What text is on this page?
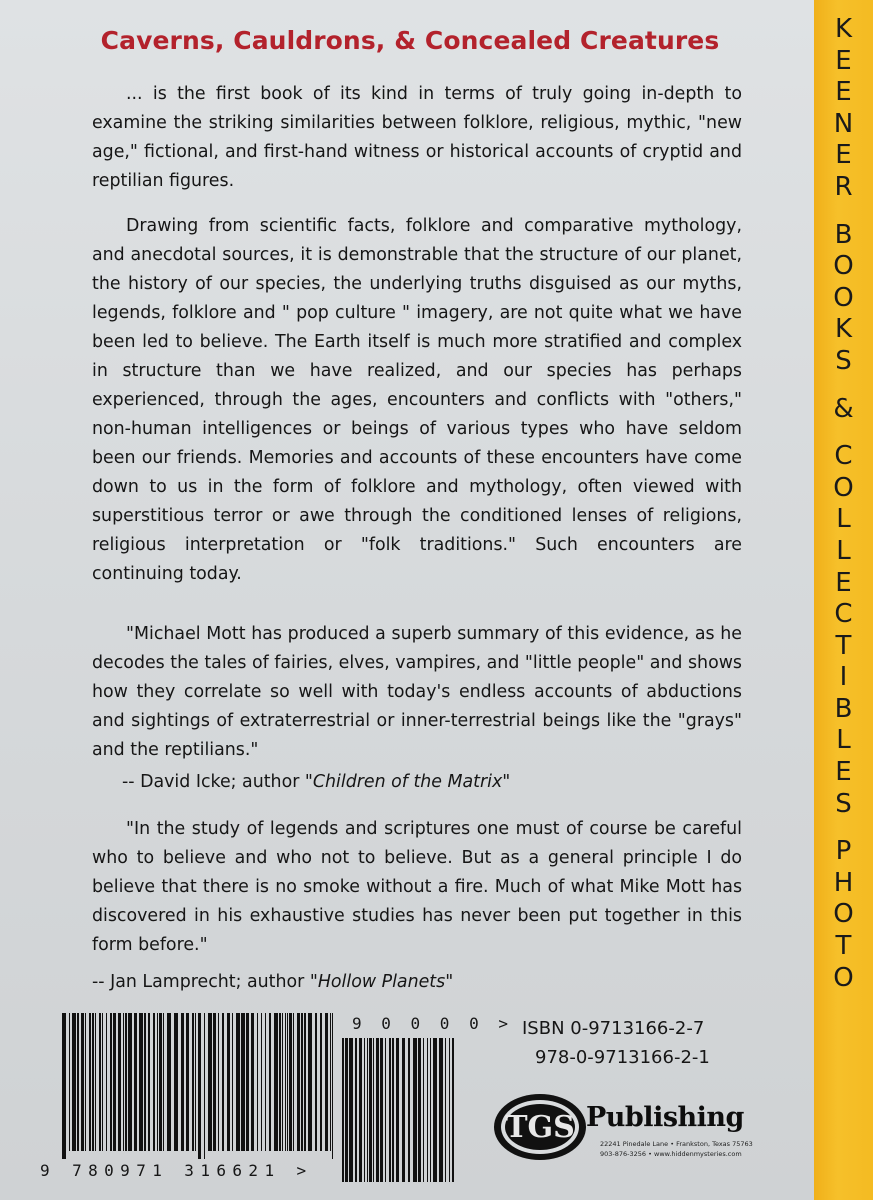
Caverns, Cauldrons, & Concealed Creatures

... is the first book of its kind in terms of truly going in-depth to examine the striking similarities between folklore, religious, mythic, "new age," fictional, and first-hand witness or historical accounts of cryptid and reptilian figures.

Drawing from scientific facts, folklore and comparative mythology, and anecdotal sources, it is demonstrable that the structure of our planet, the history of our species, the underlying truths disguised as our myths, legends, folklore and " pop culture " imagery, are not quite what we have been led to believe. The Earth itself is much more stratified and complex in structure than we have realized, and our species has perhaps experienced, through the ages, encounters and conflicts with "others," non-human intelligences or beings of various types who have seldom been our friends. Memories and accounts of these encounters have come down to us in the form of folklore and mythology, often viewed with superstitious terror or awe through the conditioned lenses of religions, religious interpretation or "folk traditions." Such encounters are continuing today.

"Michael Mott has produced a superb summary of this evidence, as he decodes the tales of fairies, elves, vampires, and "little people" and shows how they correlate so well with today's endless accounts of abductions and sightings of extraterrestrial or inner-terrestrial beings like the "grays" and the reptilians."

-- David Icke; author "Children of the Matrix"

"In the study of legends and scriptures one must of course be careful who to believe and who not to believe. But as a general principle I do believe that there is no smoke without a fire. Much of what Mike Mott has discovered in his exhaustive studies has never been put together in this form before."

-- Jan Lamprecht; author "Hollow Planets"
9 780971 316621 >
9 0 0 0 0 > ISBN 0-9713166-2-7
978-0-9713166-2-1
TGS Publishing
22241 Pinedale Lane • Frankston, Texas 75763
903-876-3256 • www.hiddenmysteries.com
K
E
E
N
E
R
B
O
O
K
S
&
C
O
L
L
E
C
T
I
B
L
E
S
P
H
O
T
O
